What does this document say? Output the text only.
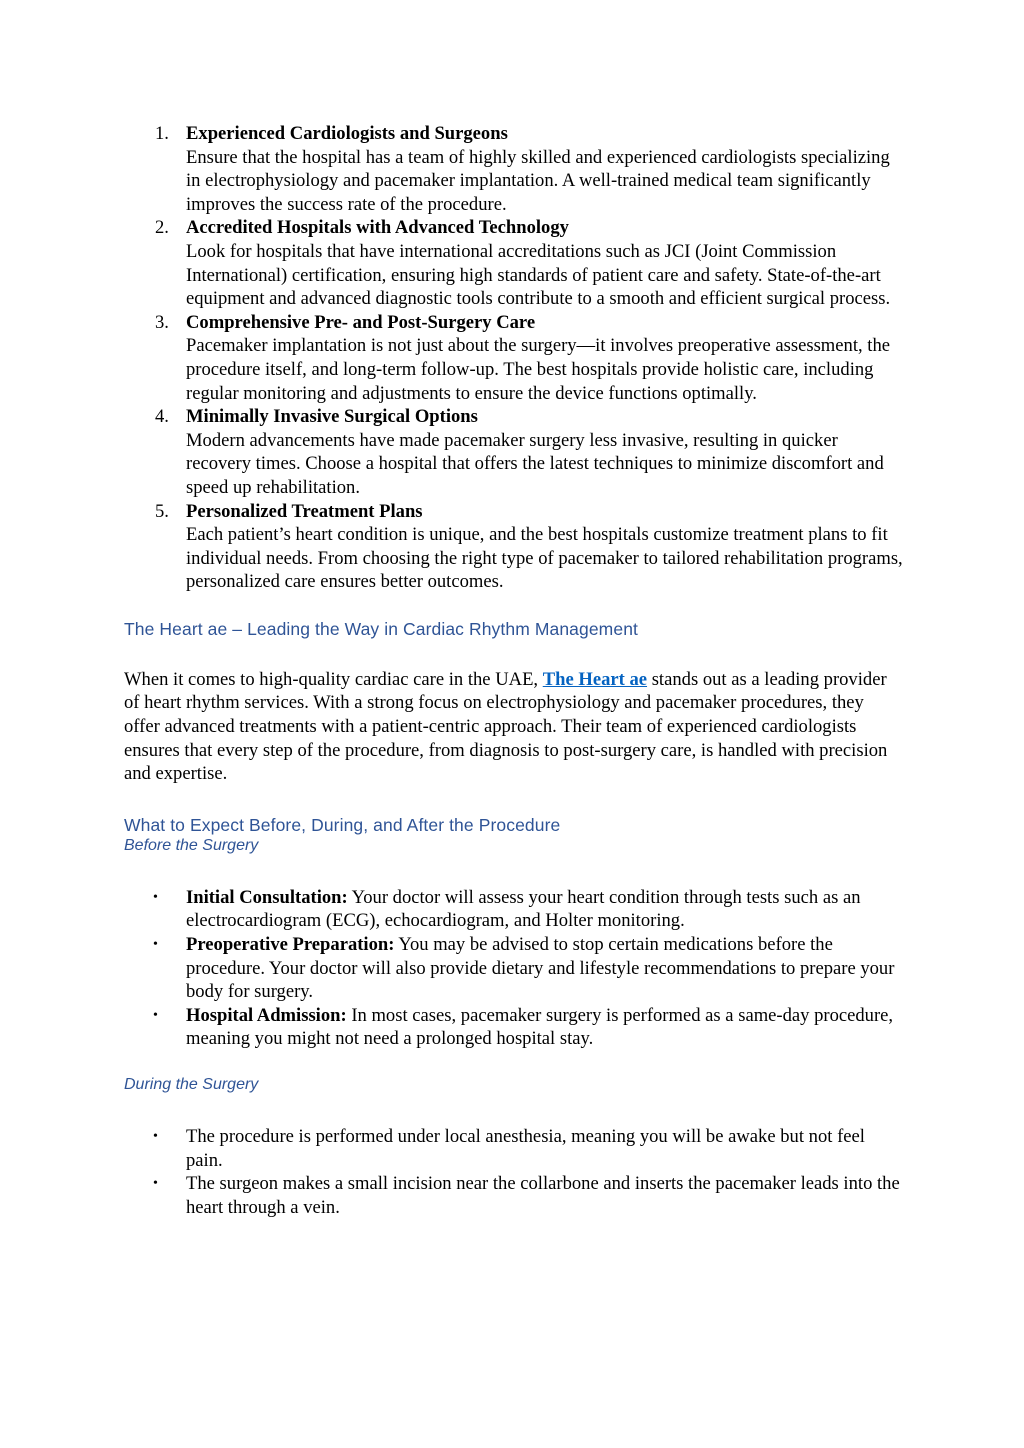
1. Experienced Cardiologists and Surgeons
Ensure that the hospital has a team of highly skilled and experienced cardiologists specializing in electrophysiology and pacemaker implantation. A well-trained medical team significantly improves the success rate of the procedure.
2. Accredited Hospitals with Advanced Technology
Look for hospitals that have international accreditations such as JCI (Joint Commission International) certification, ensuring high standards of patient care and safety. State-of-the-art equipment and advanced diagnostic tools contribute to a smooth and efficient surgical process.
3. Comprehensive Pre- and Post-Surgery Care
Pacemaker implantation is not just about the surgery—it involves preoperative assessment, the procedure itself, and long-term follow-up. The best hospitals provide holistic care, including regular monitoring and adjustments to ensure the device functions optimally.
4. Minimally Invasive Surgical Options
Modern advancements have made pacemaker surgery less invasive, resulting in quicker recovery times. Choose a hospital that offers the latest techniques to minimize discomfort and speed up rehabilitation.
5. Personalized Treatment Plans
Each patient’s heart condition is unique, and the best hospitals customize treatment plans to fit individual needs. From choosing the right type of pacemaker to tailored rehabilitation programs, personalized care ensures better outcomes.
The Heart ae – Leading the Way in Cardiac Rhythm Management

When it comes to high-quality cardiac care in the UAE, The Heart ae stands out as a leading provider of heart rhythm services. With a strong focus on electrophysiology and pacemaker procedures, they offer advanced treatments with a patient-centric approach. Their team of experienced cardiologists ensures that every step of the procedure, from diagnosis to post-surgery care, is handled with precision and expertise.

What to Expect Before, During, and After the Procedure
Before the Surgery
• Initial Consultation: Your doctor will assess your heart condition through tests such as an electrocardiogram (ECG), echocardiogram, and Holter monitoring.
• Preoperative Preparation: You may be advised to stop certain medications before the procedure. Your doctor will also provide dietary and lifestyle recommendations to prepare your body for surgery.
• Hospital Admission: In most cases, pacemaker surgery is performed as a same-day procedure, meaning you might not need a prolonged hospital stay.
During the Surgery
• The procedure is performed under local anesthesia, meaning you will be awake but not feel pain.
• The surgeon makes a small incision near the collarbone and inserts the pacemaker leads into the heart through a vein.
